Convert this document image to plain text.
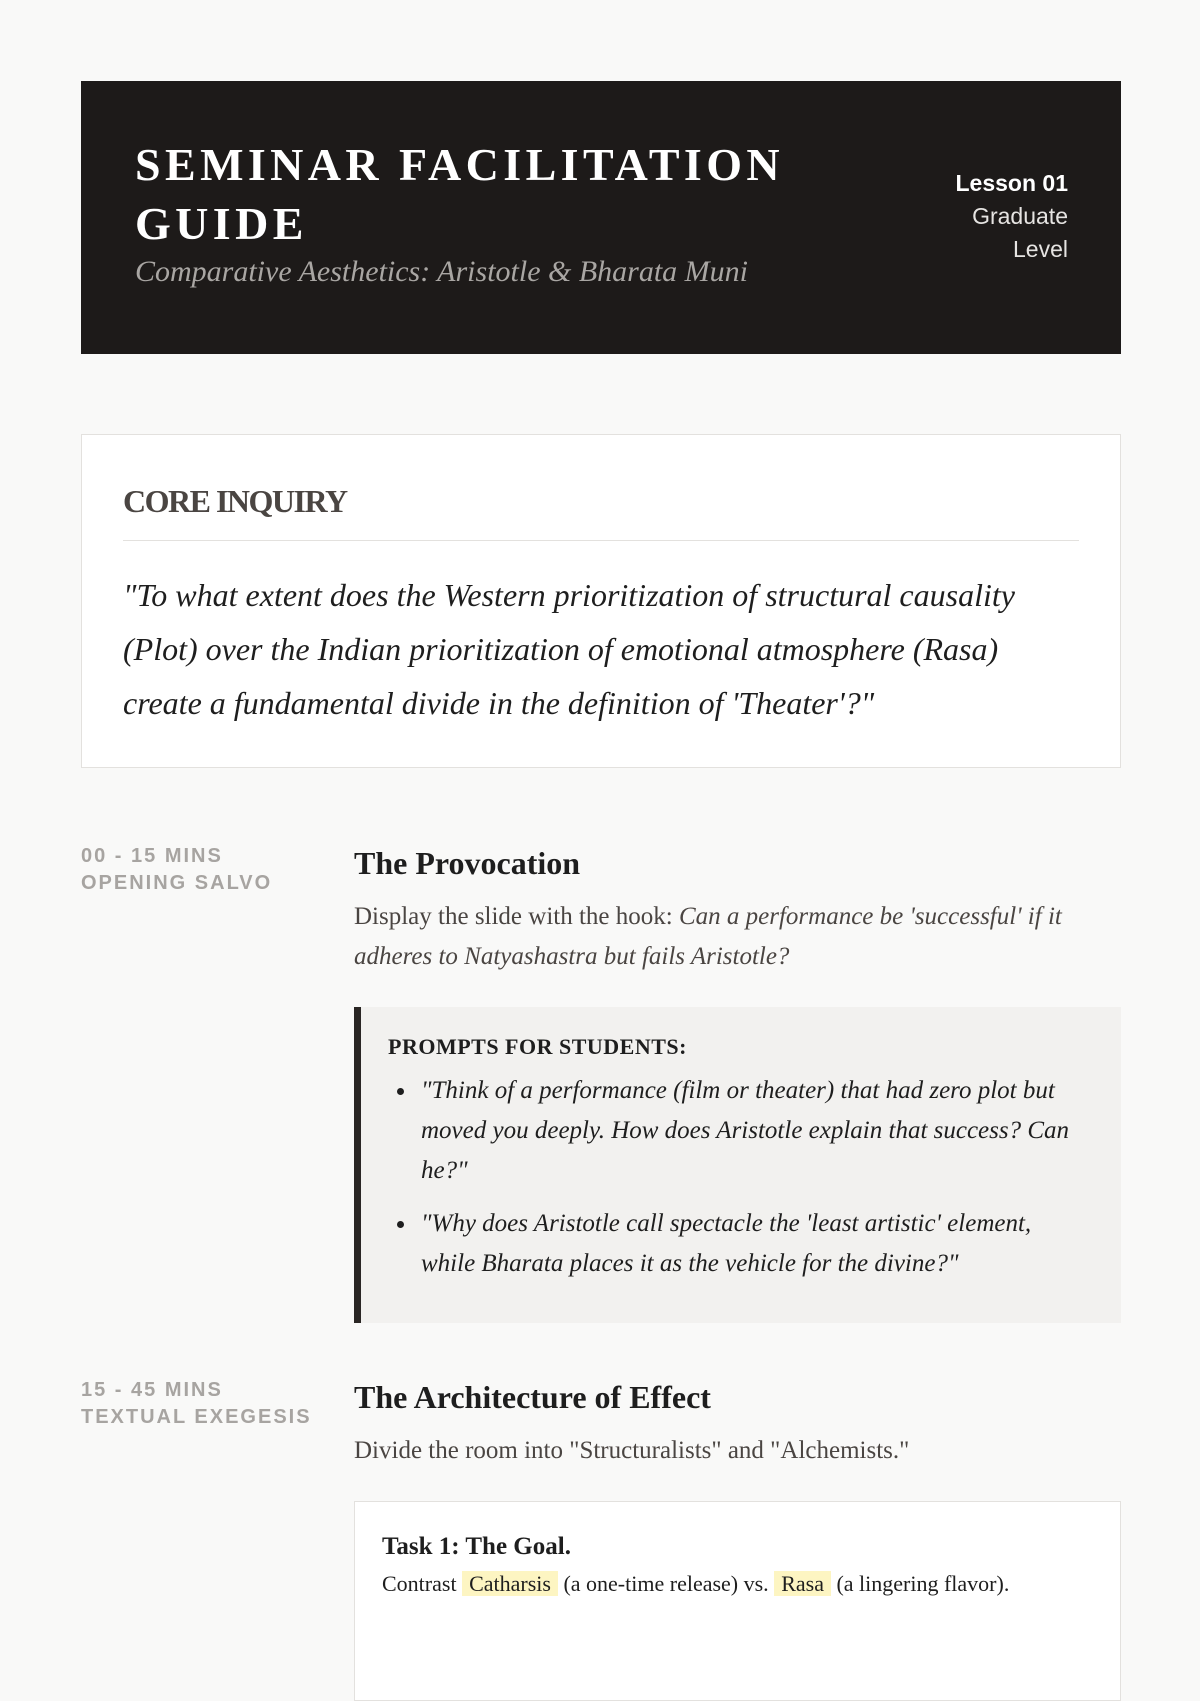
SEMINAR FACILITATION GUIDE
Comparative Aesthetics: Aristotle & Bharata Muni
Lesson 01
Graduate Level
CORE INQUIRY
"To what extent does the Western prioritization of structural causality (Plot) over the Indian prioritization of emotional atmosphere (Rasa) create a fundamental divide in the definition of 'Theater'?"
00 - 15 MINS
OPENING SALVO
The Provocation
Display the slide with the hook: Can a performance be 'successful' if it adheres to Natyashastra but fails Aristotle?
PROMPTS FOR STUDENTS:
"Think of a performance (film or theater) that had zero plot but moved you deeply. How does Aristotle explain that success? Can he?"
"Why does Aristotle call spectacle the 'least artistic' element, while Bharata places it as the vehicle for the divine?"
15 - 45 MINS
TEXTUAL EXEGESIS
The Architecture of Effect
Divide the room into "Structuralists" and "Alchemists."
Task 1: The Goal.
Contrast Catharsis (a one-time release) vs. Rasa (a lingering flavor).
